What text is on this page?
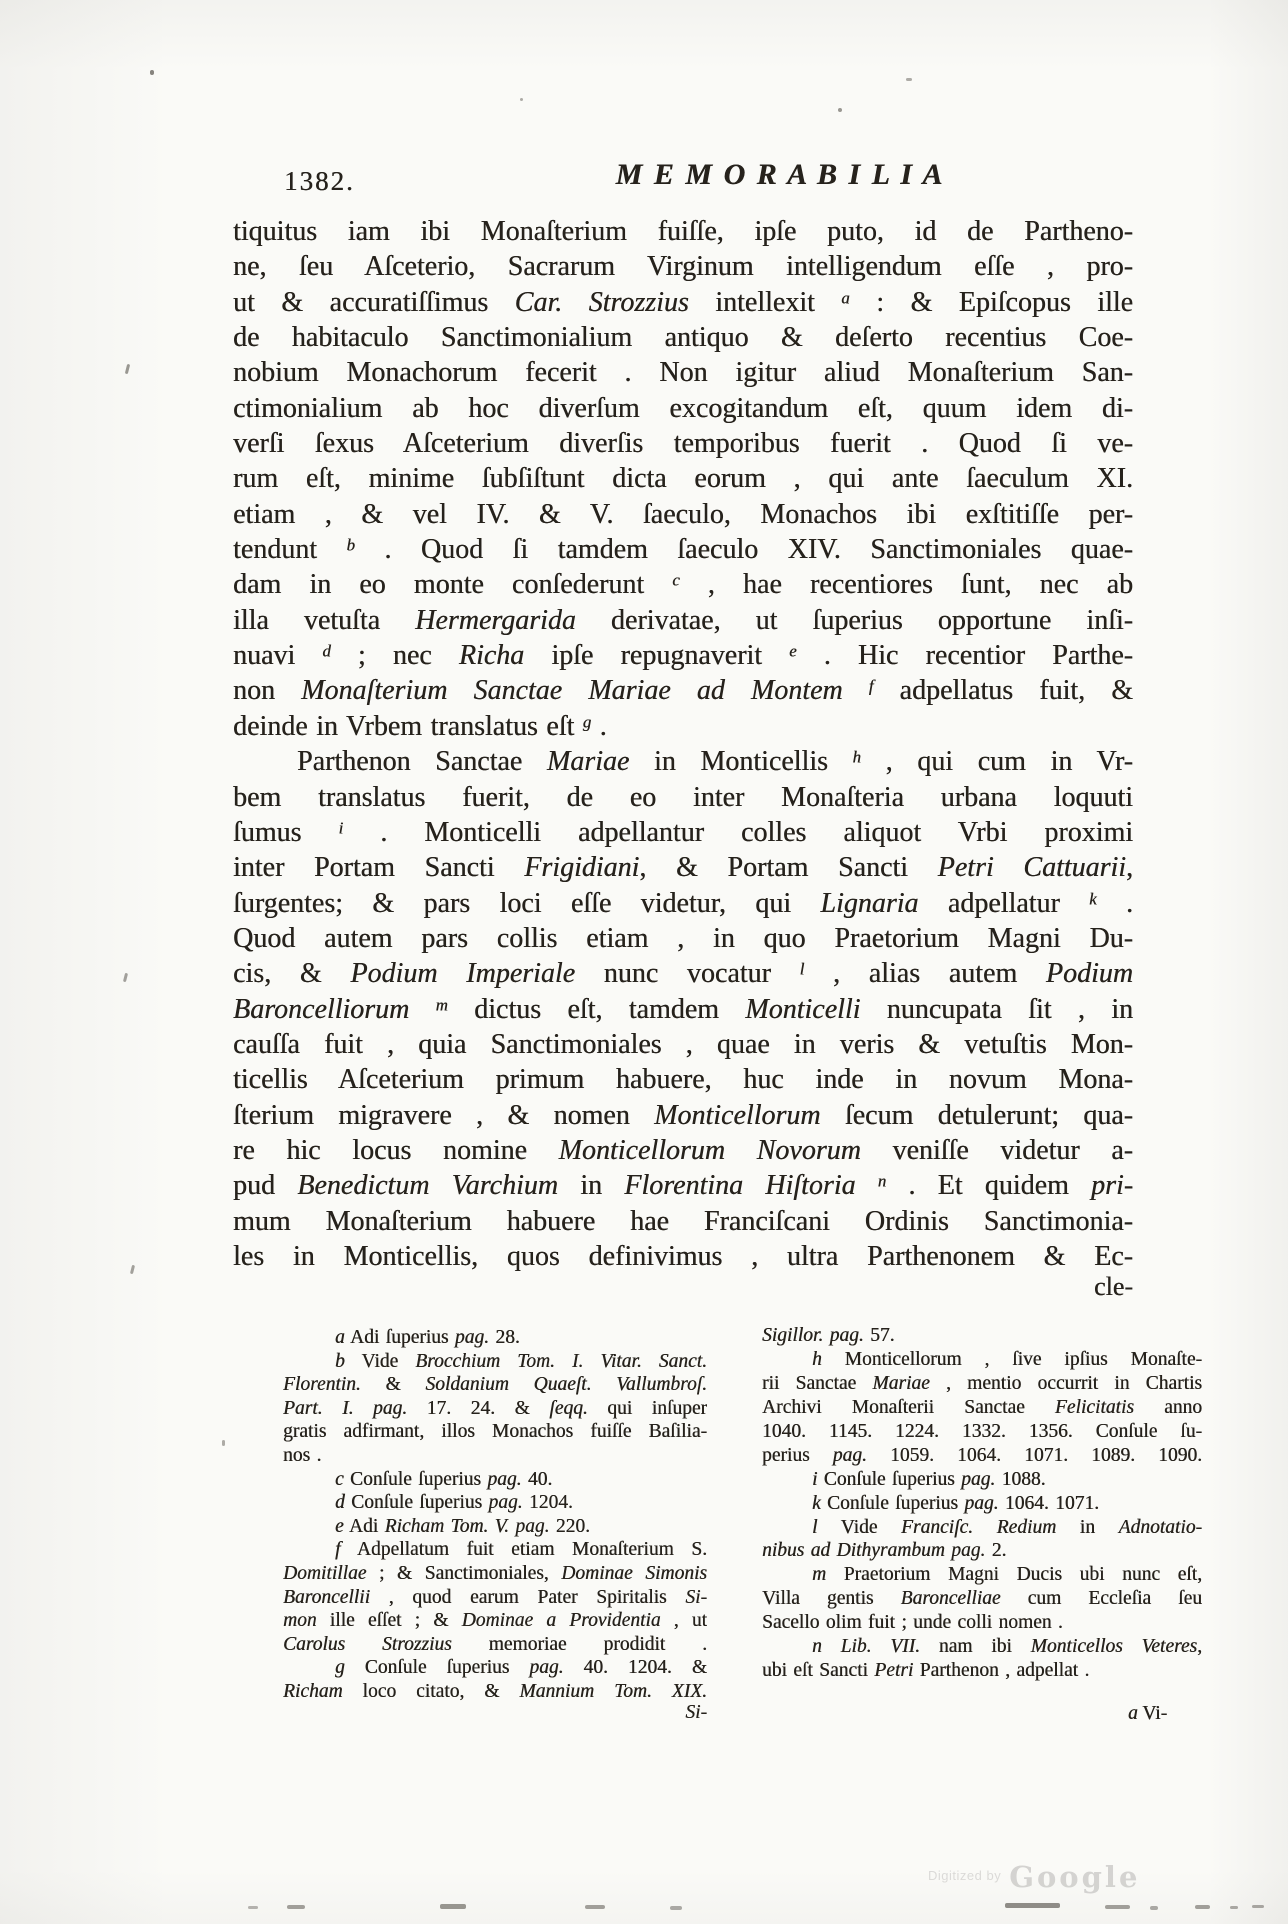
1382.	M E M O R A B I L I A
tiquitus iam ibi Monaſterium fuiſſe, ipſe puto, id de Partheno-
ne, ſeu Aſceterio, Sacrarum Virginum intelligendum eſſe , pro-
ut & accuratiſſimus Car. Strozzius intellexit $^a$ : & Epiſcopus ille
de habitaculo Sanctimonialium antiquo & deſerto recentius Coe-
nobium Monachorum fecerit . Non igitur aliud Monaſterium San-
ctimonialium ab hoc diverſum excogitandum eſt, quum idem di-
verſi ſexus Aſceterium diverſis temporibus fuerit . Quod ſi ve-
rum eſt, minime ſubſiſtunt dicta eorum , qui ante ſaeculum XI.
etiam , & vel IV. & V. ſaeculo, Monachos ibi exſtitiſſe per-
tendunt $^b$ . Quod ſi tamdem ſaeculo XIV. Sanctimoniales quae-
dam in eo monte conſederunt $^c$ , hae recentiores ſunt, nec ab
illa vetuſta Hermergarida derivatae, ut ſuperius opportune inſi-
nuavi $^d$ ; nec Richa ipſe repugnaverit $^e$ . Hic recentior Parthe-
non Monaſterium Sanctae Mariae ad Montem $^f$ adpellatus fuit, &
deinde in Vrbem translatus eſt $^g$ .
Parthenon Sanctae Mariae in Monticellis $^h$ , qui cum in Vr-
bem translatus fuerit, de eo inter Monaſteria urbana loquuti
ſumus $^i$ . Monticelli adpellantur colles aliquot Vrbi proximi
inter Portam Sancti Frigidiani, & Portam Sancti Petri Cattuarii,
ſurgentes; & pars loci eſſe videtur, qui Lignaria adpellatur $^k$ .
Quod autem pars collis etiam , in quo Praetorium Magni Du-
cis, & Podium Imperiale nunc vocatur $^l$ , alias autem Podium
Baroncelliorum $^m$ dictus eſt, tamdem Monticelli nuncupata ſit , in
cauſſa fuit , quia Sanctimoniales , quae in veris & vetuſtis Mon-
ticellis Aſceterium primum habuere, huc inde in novum Mona-
ſterium migravere , & nomen Monticellorum ſecum detulerunt; qua-
re hic locus nomine Monticellorum Novorum veniſſe videtur a-
pud Benedictum Varchium in Florentina Hiſtoria $^n$ . Et quidem pri-
mum Monaſterium habuere hae Franciſcani Ordinis Sanctimonia-
les in Monticellis, quos definivimus , ultra Parthenonem & Ec-
cle-
a Adi ſuperius pag. 28.
b Vide Brocchium Tom. I. Vitar. Sanct.
Florentin. & Soldanium Quaeſt. Vallumbroſ.
Part. I. pag. 17. 24. & ſeqq. qui inſuper
gratis adfirmant, illos Monachos fuiſſe Baſilia-
nos .
c Conſule ſuperius pag. 40.
d Conſule ſuperius pag. 1204.
e Adi Richam Tom. V. pag. 220.
f Adpellatum fuit etiam Monaſterium S.
Domitillae ; & Sanctimoniales, Dominae Simonis
Baroncellii , quod earum Pater Spiritalis Si-
mon ille eſſet ; & Dominae a Providentia , ut
Carolus Strozzius memoriae prodidit .
g Conſule ſuperius pag. 40. 1204. &
Richam loco citato, & Mannium Tom. XIX.
Sigillor. pag. 57.
h Monticellorum , ſive ipſius Monaſte-
rii Sanctae Mariae , mentio occurrit in Chartis
Archivi Monaſterii Sanctae Felicitatis anno
1040. 1145. 1224. 1332. 1356. Conſule ſu-
perius pag. 1059. 1064. 1071. 1089. 1090.
i Conſule ſuperius pag. 1088.
k Conſule ſuperius pag. 1064. 1071.
l Vide Franciſc. Redium in Adnotatio-
nibus ad Dithyrambum pag. 2.
m Praetorium Magni Ducis ubi nunc eſt,
Villa gentis Baroncelliae cum Eccleſia ſeu
Sacello olim fuit ; unde colli nomen .
n Lib. VII. nam ibi Monticellos Veteres,
ubi eſt Sancti Petri Parthenon , adpellat .
Si-	a Vi-
$^{Digitized by}$ Google
